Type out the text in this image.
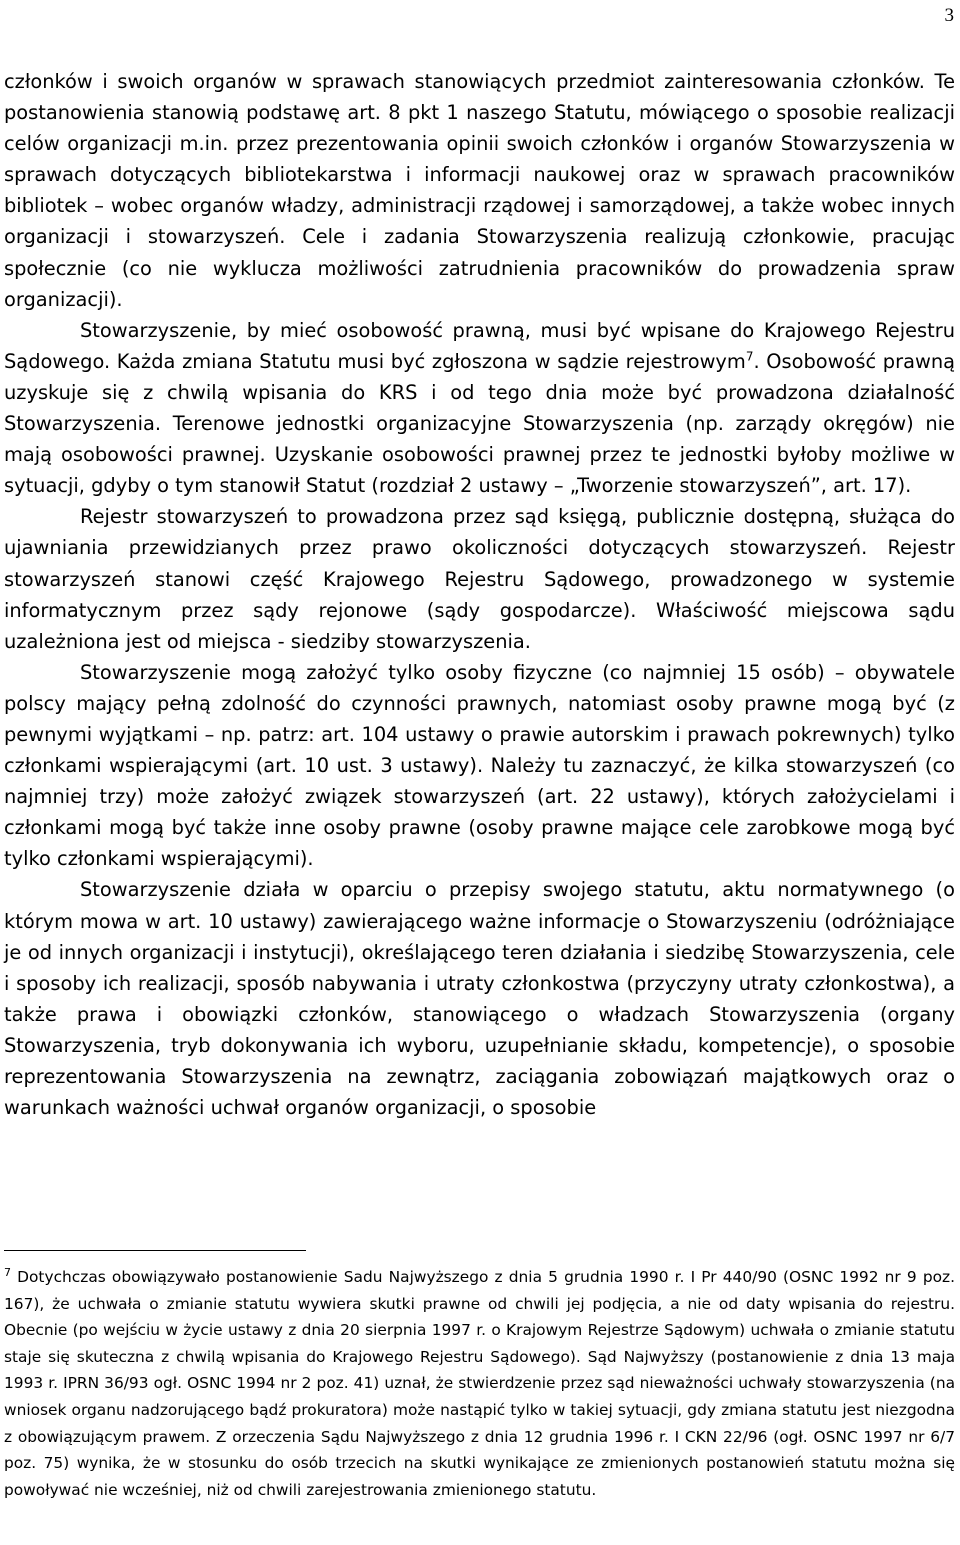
3

członków i swoich organów w sprawach stanowiących przedmiot zainteresowania członków. Te postanowienia stanowią podstawę art. 8 pkt 1 naszego Statutu, mówiącego o sposobie realizacji celów organizacji m.in. przez prezentowania opinii swoich członków i organów Stowarzyszenia w sprawach dotyczących bibliotekarstwa i informacji naukowej oraz w sprawach pracowników bibliotek – wobec organów władzy, administracji rządowej i samorządowej, a także wobec innych organizacji i stowarzyszeń. Cele i zadania Stowarzyszenia realizują członkowie, pracując społecznie (co nie wyklucza możliwości zatrudnienia pracowników do prowadzenia spraw organizacji).

Stowarzyszenie, by mieć osobowość prawną, musi być wpisane do Krajowego Rejestru Sądowego. Każda zmiana Statutu musi być zgłoszona w sądzie rejestrowym$^7$. Osobowość prawną uzyskuje się z chwilą wpisania do KRS i od tego dnia może być prowadzona działalność Stowarzyszenia. Terenowe jednostki organizacyjne Stowarzyszenia (np. zarządy okręgów) nie mają osobowości prawnej. Uzyskanie osobowości prawnej przez te jednostki byłoby możliwe w sytuacji, gdyby o tym stanowił Statut (rozdział 2 ustawy – „Tworzenie stowarzyszeń”, art. 17).

Rejestr stowarzyszeń to prowadzona przez sąd księgą, publicznie dostępną, służąca do ujawniania przewidzianych przez prawo okoliczności dotyczących stowarzyszeń. Rejestr stowarzyszeń stanowi część Krajowego Rejestru Sądowego, prowadzonego w systemie informatycznym przez sądy rejonowe (sądy gospodarcze). Właściwość miejscowa sądu uzależniona jest od miejsca - siedziby stowarzyszenia.

Stowarzyszenie mogą założyć tylko osoby fizyczne (co najmniej 15 osób) – obywatele polscy mający pełną zdolność do czynności prawnych, natomiast osoby prawne mogą być (z pewnymi wyjątkami – np. patrz: art. 104 ustawy o prawie autorskim i prawach pokrewnych) tylko członkami wspierającymi (art. 10 ust. 3 ustawy). Należy tu zaznaczyć, że kilka stowarzyszeń (co najmniej trzy) może założyć związek stowarzyszeń (art. 22 ustawy), których założycielami i członkami mogą być także inne osoby prawne (osoby prawne mające cele zarobkowe mogą być tylko członkami wspierającymi).

Stowarzyszenie działa w oparciu o przepisy swojego statutu, aktu normatywnego (o którym mowa w art. 10 ustawy) zawierającego ważne informacje o Stowarzyszeniu (odróżniające je od innych organizacji i instytucji), określającego teren działania i siedzibę Stowarzyszenia, cele i sposoby ich realizacji, sposób nabywania i utraty członkostwa (przyczyny utraty członkostwa), a także prawa i obowiązki członków, stanowiącego o władzach Stowarzyszenia (organy Stowarzyszenia, tryb dokonywania ich wyboru, uzupełnianie składu, kompetencje), o sposobie reprezentowania Stowarzyszenia na zewnątrz, zaciągania zobowiązań majątkowych oraz o warunkach ważności uchwał organów organizacji, o sposobie

$^7$ Dotychczas obowiązywało postanowienie Sadu Najwyższego z dnia 5 grudnia 1990 r. I Pr 440/90 (OSNC 1992 nr 9 poz. 167), że uchwała o zmianie statutu wywiera skutki prawne od chwili jej podjęcia, a nie od daty wpisania do rejestru. Obecnie (po wejściu w życie ustawy z dnia 20 sierpnia 1997 r. o Krajowym Rejestrze Sądowym) uchwała o zmianie statutu staje się skuteczna z chwilą wpisania do Krajowego Rejestru Sądowego). Sąd Najwyższy (postanowienie z dnia 13 maja 1993 r. IPRN 36/93 ogł. OSNC 1994 nr 2 poz. 41) uznał, że stwierdzenie przez sąd nieważności uchwały stowarzyszenia (na wniosek organu nadzorującego bądź prokuratora) może nastąpić tylko w takiej sytuacji, gdy zmiana statutu jest niezgodna z obowiązującym prawem. Z orzeczenia Sądu Najwyższego z dnia 12 grudnia 1996 r. I CKN 22/96 (ogł. OSNC 1997 nr 6/7 poz. 75) wynika, że w stosunku do osób trzecich na skutki wynikające ze zmienionych postanowień statutu można się powoływać nie wcześniej, niż od chwili zarejestrowania zmienionego statutu.
